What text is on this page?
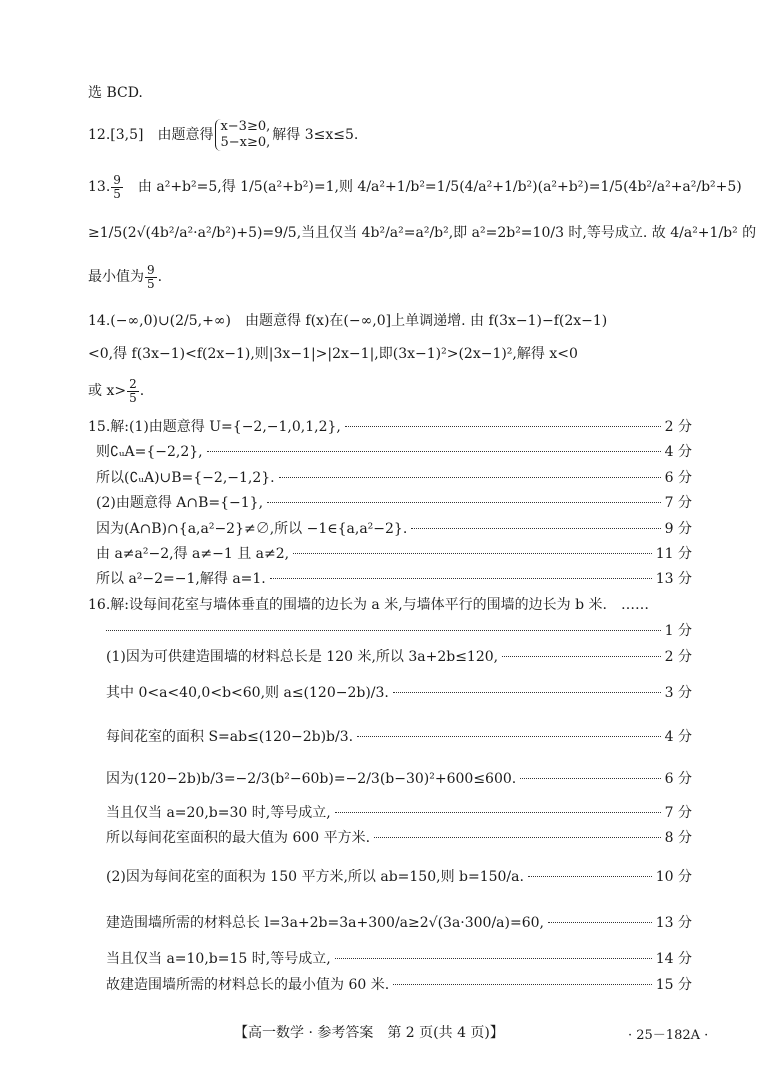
选 BCD.
12.[3,5]　由题意得
x−3≥0,
5−x≥0, 解得 3≤x≤5.
13. $\frac{9}{5}$ 　由 a²+b²=5,得 1/5(a²+b²)=1,则 4/a²+1/b²=1/5(4/a²+1/b²)(a²+b²)=1/5(4b²/a²+a²/b²+5)
≥1/5(2√(4b²/a²·a²/b²)+5)=9/5,当且仅当 4b²/a²=a²/b²,即 a²=2b²=10/3 时,等号成立. 故 4/a²+1/b² 的
最小值为 $\frac{9}{5}$ .
14.(−∞,0)∪(2/5,+∞)　由题意得 f(x)在(−∞,0]上单调递增. 由 f(3x−1)−f(2x−1)
<0,得 f(3x−1)<f(2x−1),则|3x−1|>|2x−1|,即(3x−1)²>(2x−1)²,解得 x<0
或 $x> \frac{2}{5}$ .
15.解:(1)由题意得 U={−2,−1,0,1,2},	2 分
则∁ᵤA={−2,2},	4 分
所以(∁ᵤA)∪B={−2,−1,2}.	6 分
(2)由题意得 A∩B={−1},	7 分
因为(A∩B)∩{a,a²−2}≠∅,所以 −1∈{a,a²−2}.	9 分
由 a≠a²−2,得 a≠−1 且 a≠2,	11 分
所以 a²−2=−1,解得 a=1.	13 分
16.解:设每间花室与墙体垂直的围墙的边长为 a 米,与墙体平行的围墙的边长为 b 米.　……
1 分
(1)因为可供建造围墙的材料总长是 120 米,所以 3a+2b≤120,	2 分
其中 0<a<40,0<b<60,则 a≤(120−2b)/3.	3 分
每间花室的面积 S=ab≤(120−2b)b/3.	4 分
因为(120−2b)b/3=−2/3(b²−60b)=−2/3(b−30)²+600≤600.	6 分
当且仅当 a=20,b=30 时,等号成立,	7 分
所以每间花室面积的最大值为 600 平方米.	8 分
(2)因为每间花室的面积为 150 平方米,所以 ab=150,则 b=150/a.	10 分
建造围墙所需的材料总长 l=3a+2b=3a+300/a≥2√(3a·300/a)=60,	13 分
当且仅当 a=10,b=15 时,等号成立,	14 分
故建造围墙所需的材料总长的最小值为 60 米.	15 分
【高一数学 · 参考答案　第 2 页(共 4 页)】	· 25－182A ·
